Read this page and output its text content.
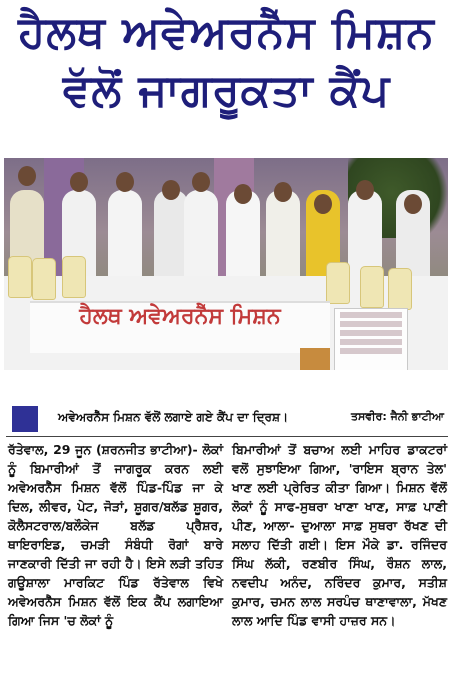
ਹੈਲਥ ਅਵੇਅਰਨੈੱਸ ਮਿਸ਼ਨ
ਵੱਲੋਂ ਜਾਗਰੂਕਤਾ ਕੈਂਪ
ਹੈਲਥ ਅਵੇਅਰਨੈੱਸ ਮਿਸ਼ਨ
ਅਵੇਅਰਨੈੱਸ ਮਿਸ਼ਨ ਵੱਲੋਂ ਲਗਾਏ ਗਏ ਕੈਂਪ ਦਾ ਦ੍ਰਿਸ਼।	ਤਸਵੀਰ: ਜੈਨੀ ਭਾਟੀਆ

ਰੱਤੇਵਾਲ, 29 ਜੂਨ (ਸ਼ਰਨਜੀਤ ਭਾਟੀਆ)- ਲੋਕਾਂ ਨੂੰ ਬਿਮਾਰੀਆਂ ਤੋਂ ਜਾਗਰੂਕ ਕਰਨ ਲਈ ਅਵੇਅਰਨੈੱਸ ਮਿਸ਼ਨ ਵੱਲੋਂ ਪਿੰਡ-ਪਿੰਡ ਜਾ ਕੇ ਦਿਲ, ਲੀਵਰ, ਪੇਟ, ਜੋੜਾਂ, ਸ਼ੂਗਰ/ਬਲੱਡ ਸ਼ੂਗਰ, ਕੋਲੈਸਟਰਾਲ/ਬਲੌਕੇਜ ਬਲੱਡ ਪ੍ਰੈਸ਼ਰ, ਥਾਇਰਾਇਡ, ਚਮੜੀ ਸੰਬੰਧੀ ਰੋਗਾਂ ਬਾਰੇ ਜਾਣਕਾਰੀ ਦਿੱਤੀ ਜਾ ਰਹੀ ਹੈ। ਇਸੇ ਲੜੀ ਤਹਿਤ ਗਊਸ਼ਾਲਾ ਮਾਰਕਿਟ ਪਿੰਡ ਰੱਤੇਵਾਲ ਵਿਖੇ ਅਵੇਅਰਨੈੱਸ ਮਿਸ਼ਨ ਵੱਲੋਂ ਇਕ ਕੈਂਪ ਲਗਾਇਆ ਗਿਆ ਜਿਸ 'ਚ ਲੋਕਾਂ ਨੂੰ

ਬਿਮਾਰੀਆਂ ਤੋਂ ਬਚਾਅ ਲਈ ਮਾਹਿਰ ਡਾਕਟਰਾਂ ਵਲੋਂ ਸੁਝਾਇਆ ਗਿਆ, 'ਰਾਇਸ ਬ੍ਰਾਨ ਤੇਲ' ਖਾਣ ਲਈ ਪ੍ਰੇਰਿਤ ਕੀਤਾ ਗਿਆ। ਮਿਸ਼ਨ ਵੱਲੋਂ ਲੋਕਾਂ ਨੂੰ ਸਾਫ-ਸੁਥਰਾ ਖਾਣਾ ਖਾਣ, ਸਾਫ਼ ਪਾਣੀ ਪੀਣ, ਆਲਾ- ਦੁਆਲਾ ਸਾਫ਼ ਸੁਥਰਾ ਰੱਖਣ ਦੀ ਸਲਾਹ ਦਿੱਤੀ ਗਈ। ਇਸ ਮੌਕੇ ਡਾ. ਰਜਿੰਦਰ ਸਿੰਘ ਲੱਕੀ, ਰਣਬੀਰ ਸਿੰਘ, ਰੌਸ਼ਨ ਲਾਲ, ਨਵਦੀਪ ਅਨੰਦ, ਨਰਿੰਦਰ ਕੁਮਾਰ, ਸਤੀਸ਼ ਕੁਮਾਰ, ਚਮਨ ਲਾਲ ਸਰਪੰਚ ਥਾਣਾਵਾਲਾ, ਮੱਖਣ ਲਾਲ ਆਦਿ ਪਿੰਡ ਵਾਸੀ ਹਾਜ਼ਰ ਸਨ।
